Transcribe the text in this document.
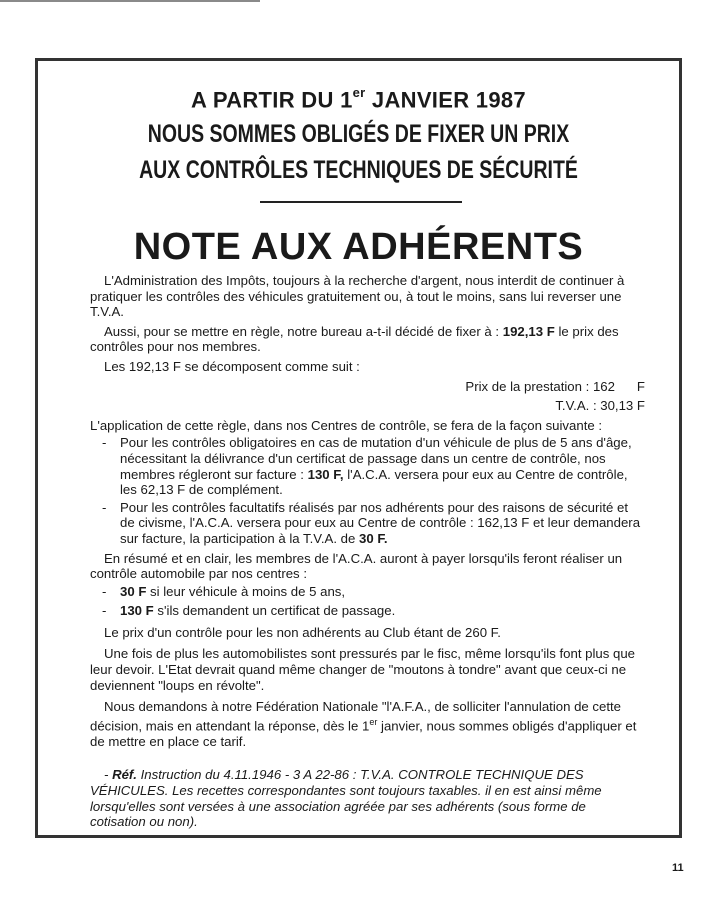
A PARTIR DU 1er JANVIER 1987
NOUS SOMMES OBLIGÉS DE FIXER UN PRIX
AUX CONTRÔLES TECHNIQUES DE SÉCURITÉ
NOTE AUX ADHÉRENTS

L'Administration des Impôts, toujours à la recherche d'argent, nous interdit de continuer à pratiquer les contrôles des véhicules gratuitement ou, à tout le moins, sans lui reverser une T.V.A.

Aussi, pour se mettre en règle, notre bureau a-t-il décidé de fixer à : 192,13 F le prix des contrôles pour nos membres.

Les 192,13 F se décomposent comme suit :

Prix de la prestation : 162      F

T.V.A. : 30,13 F

L'application de cette règle, dans nos Centres de contrôle, se fera de la façon suivante :

- Pour les contrôles obligatoires en cas de mutation d'un véhicule de plus de 5 ans d'âge, nécessitant la délivrance d'un certificat de passage dans un centre de contrôle, nos membres régleront sur facture : 130 F, l'A.C.A. versera pour eux au Centre de contrôle, les 62,13 F de complément.
- Pour les contrôles facultatifs réalisés par nos adhérents pour des raisons de sécurité et de civisme, l'A.C.A. versera pour eux au Centre de contrôle : 162,13 F et leur demandera sur facture, la participation à la T.V.A. de 30 F.

En résumé et en clair, les membres de l'A.C.A. auront à payer lorsqu'ils feront réaliser un contrôle automobile par nos centres :

- 30 F si leur véhicule à moins de 5 ans,
- 130 F s'ils demandent un certificat de passage.

Le prix d'un contrôle pour les non adhérents au Club étant de 260 F.

Une fois de plus les automobilistes sont pressurés par le fisc, même lorsqu'ils font plus que leur devoir. L'Etat devrait quand même changer de "moutons à tondre" avant que ceux-ci ne deviennent "loups en révolte".

Nous demandons à notre Fédération Nationale "l'A.F.A., de solliciter l'annulation de cette décision, mais en attendant la réponse, dès le 1er janvier, nous sommes obligés d'appliquer et de mettre en place ce tarif.

- Réf. Instruction du 4.11.1946 - 3 A 22-86 : T.V.A. CONTROLE TECHNIQUE DES VÉHICULES. Les recettes correspondantes sont toujours taxables. il en est ainsi même lorsqu'elles sont versées à une association agréée par ses adhérents (sous forme de cotisation ou non).

11
